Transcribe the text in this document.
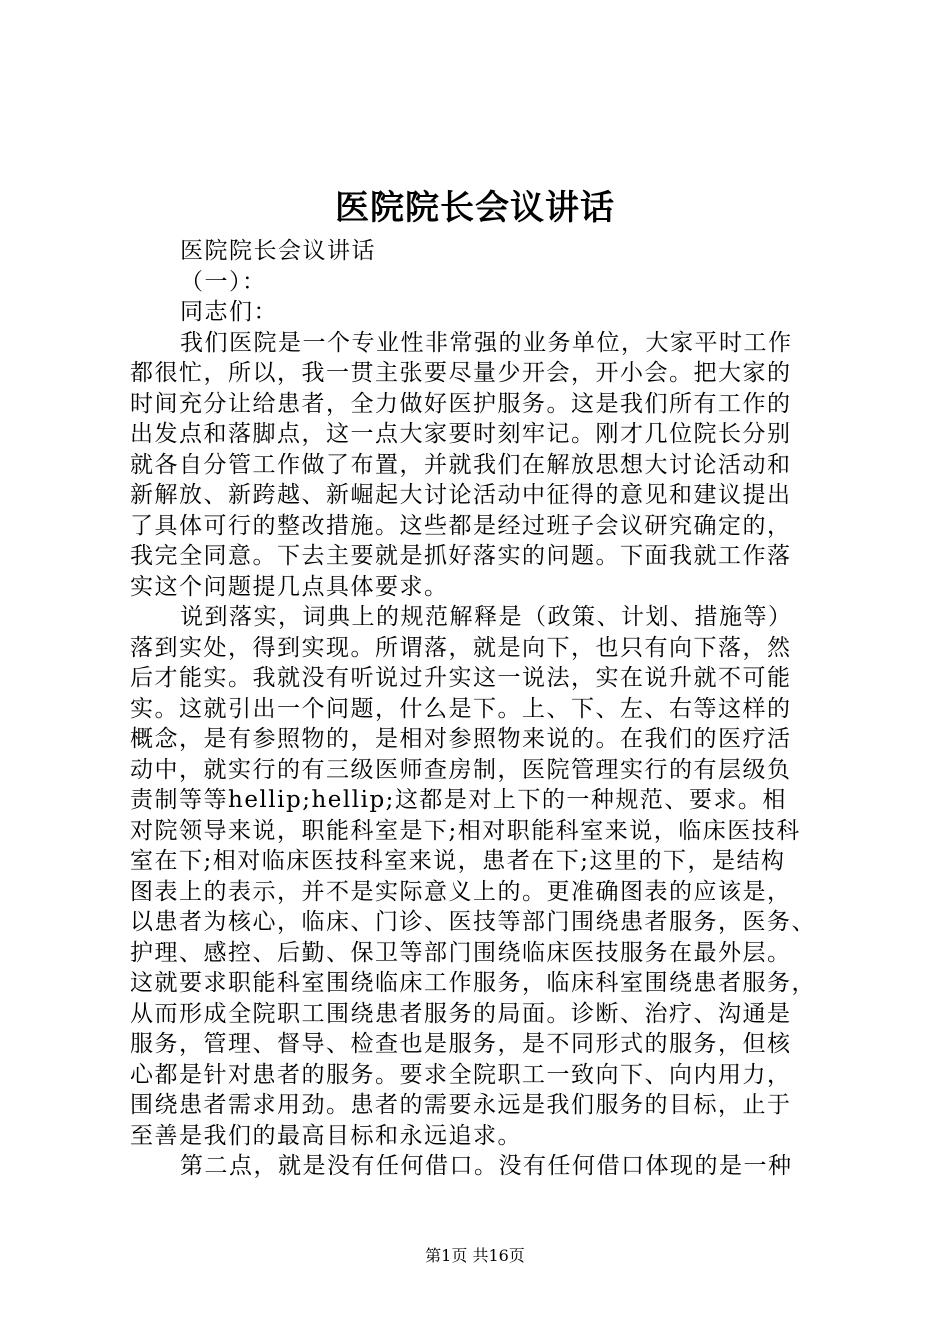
医院院长会议讲话
医院院长会议讲话
（一）：
同志们：
我们医院是一个专业性非常强的业务单位，大家平时工作
都很忙，所以，我一贯主张要尽量少开会，开小会。把大家的
时间充分让给患者，全力做好医护服务。这是我们所有工作的
出发点和落脚点，这一点大家要时刻牢记。刚才几位院长分别
就各自分管工作做了布置，并就我们在解放思想大讨论活动和
新解放、新跨越、新崛起大讨论活动中征得的意见和建议提出
了具体可行的整改措施。这些都是经过班子会议研究确定的，
我完全同意。下去主要就是抓好落实的问题。下面我就工作落
实这个问题提几点具体要求。
说到落实，词典上的规范解释是（政策、计划、措施等）
落到实处，得到实现。所谓落，就是向下，也只有向下落，然
后才能实。我就没有听说过升实这一说法，实在说升就不可能
实。这就引出一个问题，什么是下。上、下、左、右等这样的
概念，是有参照物的，是相对参照物来说的。在我们的医疗活
动中，就实行的有三级医师查房制，医院管理实行的有层级负
责制等等hellip;hellip;这都是对上下的一种规范、要求。相
对院领导来说，职能科室是下;相对职能科室来说，临床医技科
室在下;相对临床医技科室来说，患者在下;这里的下，是结构
图表上的表示，并不是实际意义上的。更准确图表的应该是，
以患者为核心，临床、门诊、医技等部门围绕患者服务，医务、
护理、感控、后勤、保卫等部门围绕临床医技服务在最外层。
这就要求职能科室围绕临床工作服务，临床科室围绕患者服务，
从而形成全院职工围绕患者服务的局面。诊断、治疗、沟通是
服务，管理、督导、检查也是服务，是不同形式的服务，但核
心都是针对患者的服务。要求全院职工一致向下、向内用力，
围绕患者需求用劲。患者的需要永远是我们服务的目标，止于
至善是我们的最高目标和永远追求。
第二点，就是没有任何借口。没有任何借口体现的是一种
第1页 共16页
